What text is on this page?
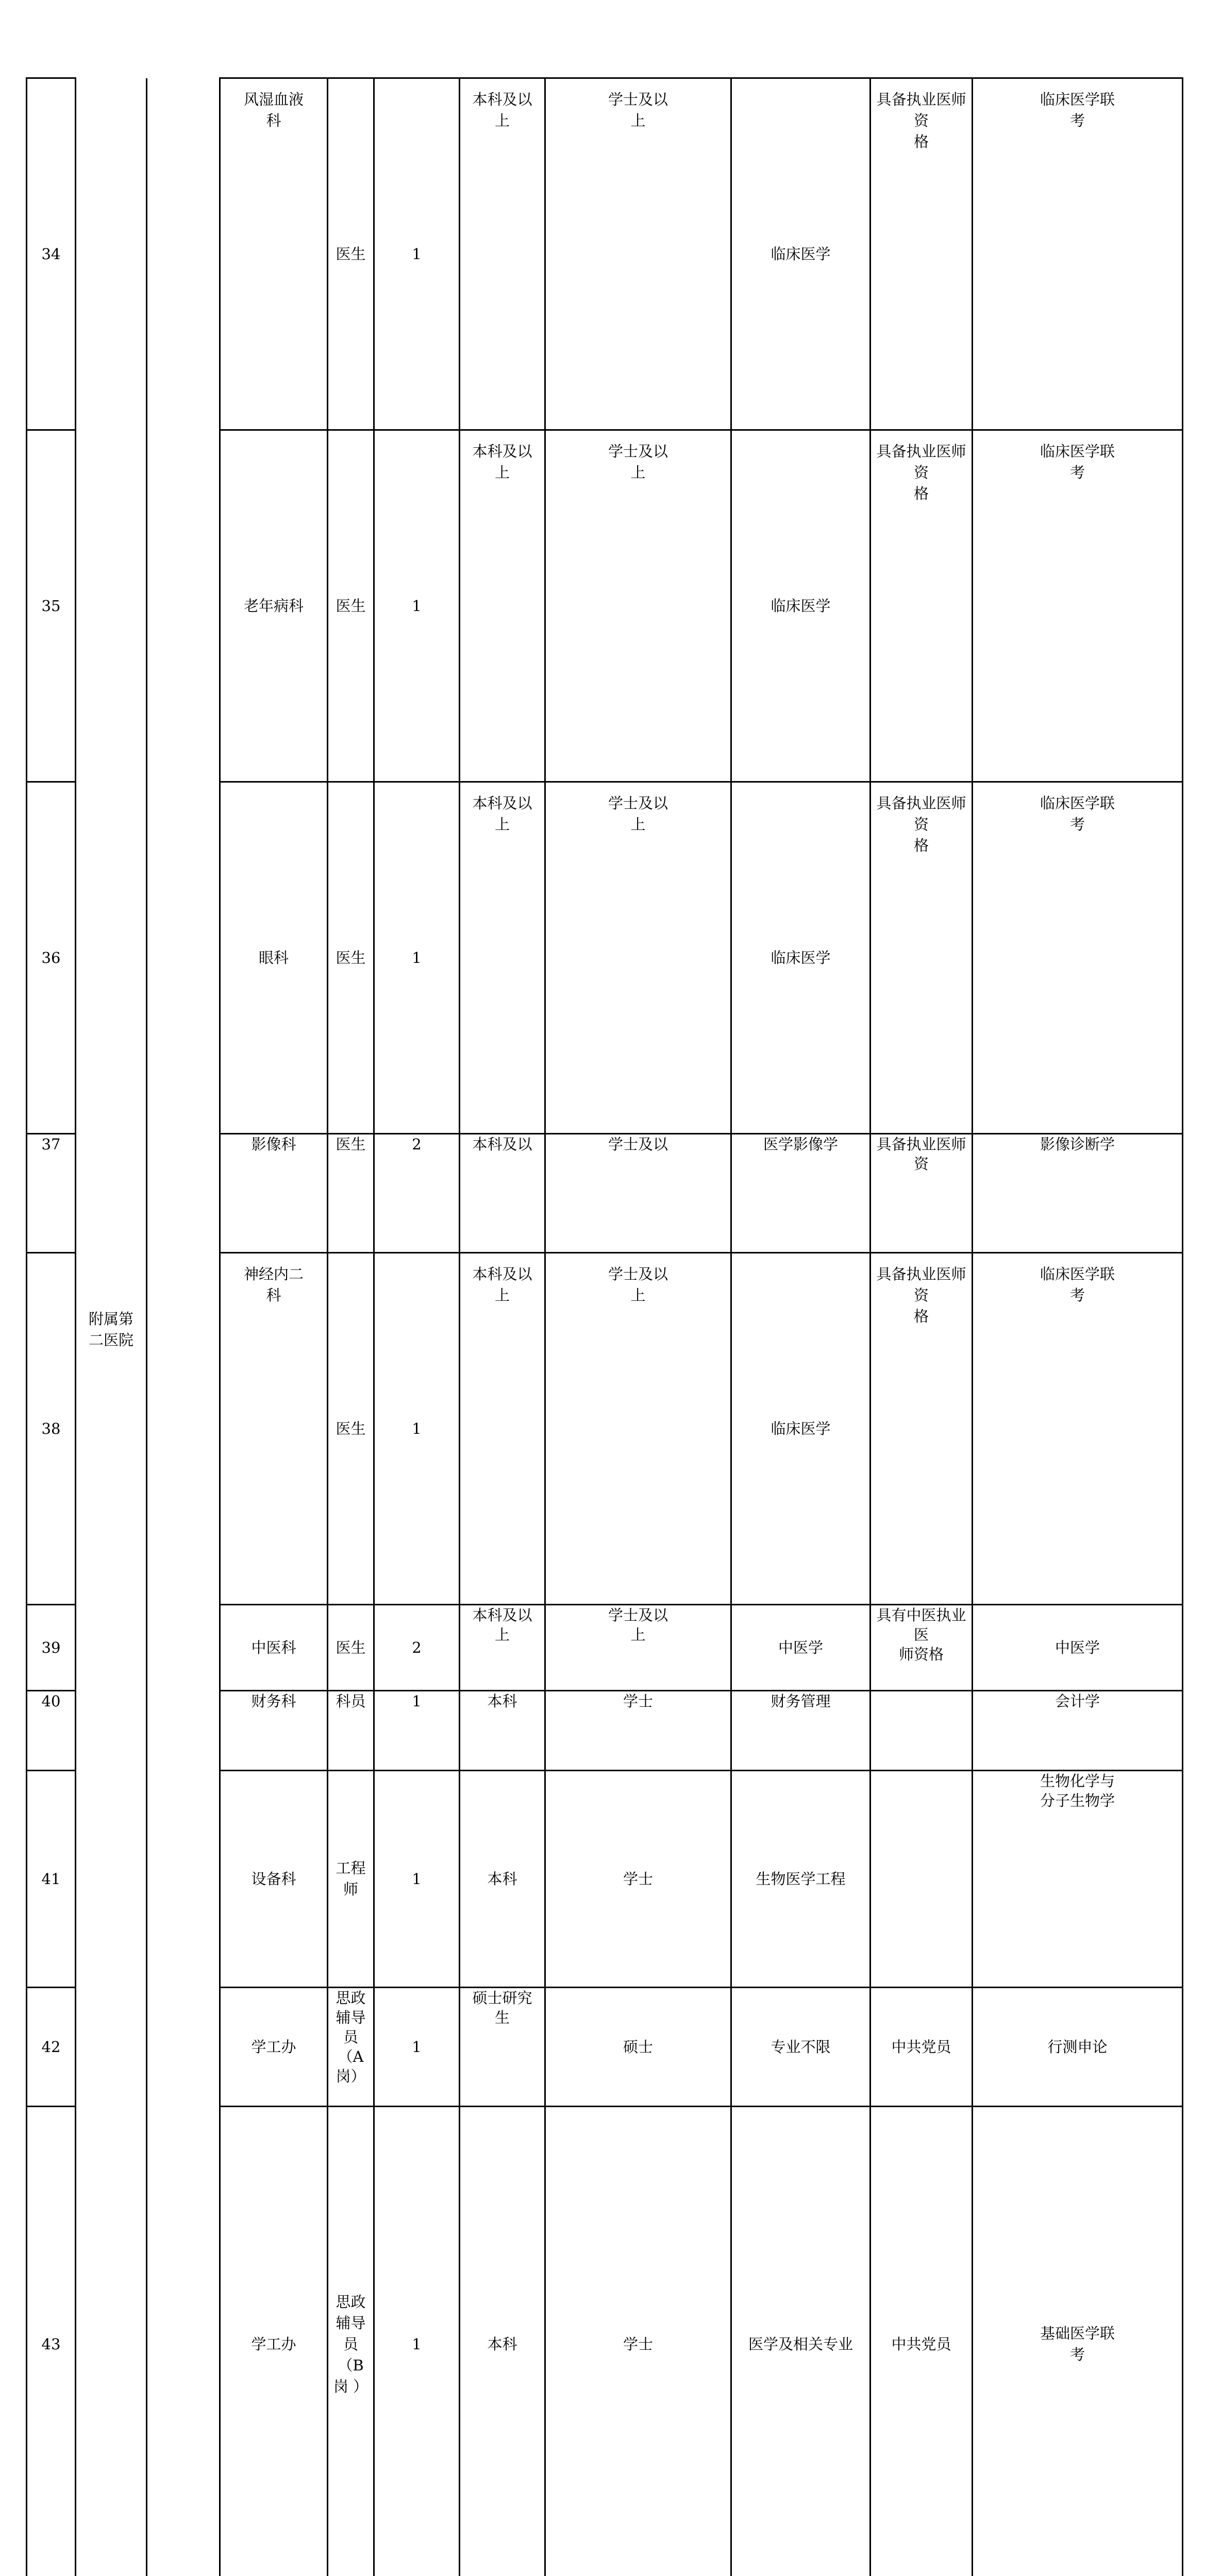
34	附属第
二医院		风湿血液
科	医生	1	本科及以
上	学士及以
上	临床医学	具备执业医师资
格	临床医学联
考	
35			老年病科	医生	1	本科及以
上	学士及以
上	临床医学	具备执业医师资
格	临床医学联
考	
36			眼科	医生	1	本科及以
上	学士及以
上	临床医学	具备执业医师资
格	临床医学联
考	
37			影像科	医生	2	本科及以	学士及以	医学影像学	具备执业医师资	影像诊断学	
38			神经内二
科	医生	1	本科及以
上	学士及以
上	临床医学	具备执业医师资
格	临床医学联
考	
39			中医科	医生	2	本科及以
上	学士及以
上	中医学	具有中医执业医
师资格	中医学	
40			财务科	科员	1	本科	学士	财务管理		会计学	
41			设备科	工程师	1	本科	学士	生物医学工程		生物化学与
分子生物学	
42			学工办	思政辅导员
（A岗）	1	硕士研究
生	硕士	专业不限	中共党员	行测申论	
43			学工办	思政辅导员
（B岗 ）	1	本科	学士	医学及相关专业	中共党员	基础医学联
考	
